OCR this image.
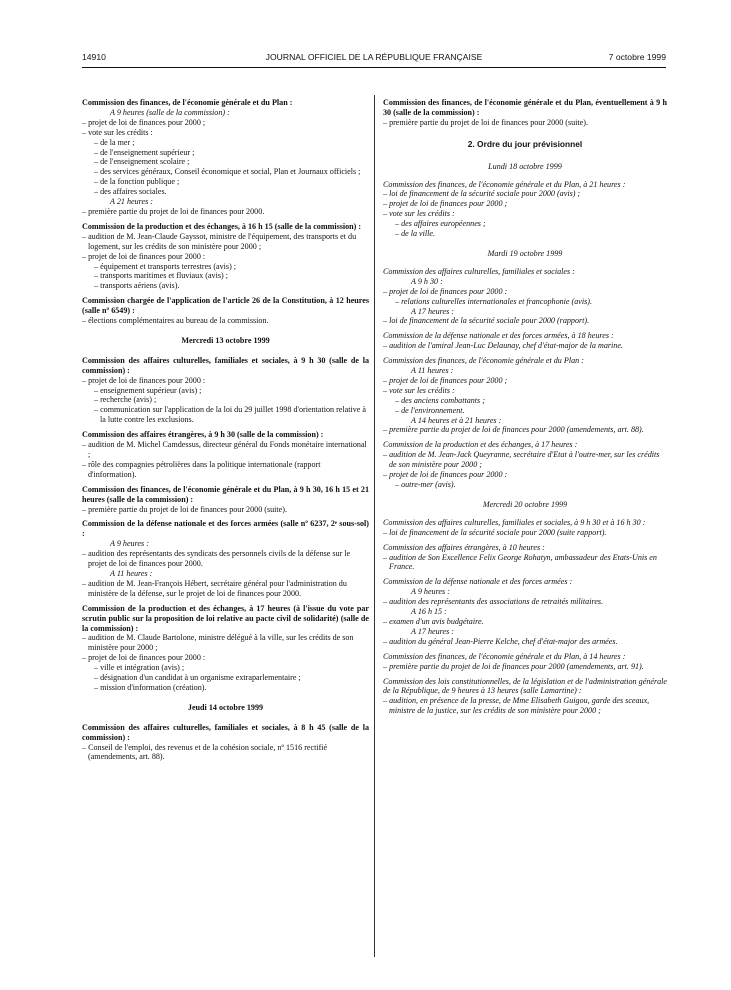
14910	JOURNAL OFFICIEL DE LA RÉPUBLIQUE FRANÇAISE	7 octobre 1999
Commission des finances, de l'économie générale et du Plan :
A 9 heures (salle de la commission) :
– projet de loi de finances pour 2000 ;
– vote sur les crédits :
– de la mer ;
– de l'enseignement supérieur ;
– de l'enseignement scolaire ;
– des services généraux, Conseil économique et social, Plan et Journaux officiels ;
– de la fonction publique ;
– des affaires sociales.
A 21 heures :
– première partie du projet de loi de finances pour 2000.
Commission de la production et des échanges, à 16 h 15 (salle de la commission) :
– audition de M. Jean-Claude Gayssot, ministre de l'équipement, des transports et du logement, sur les crédits de son ministère pour 2000 ;
– projet de loi de finances pour 2000 :
– équipement et transports terrestres (avis) ;
– transports maritimes et fluviaux (avis) ;
– transports aériens (avis).
Commission chargée de l'application de l'article 26 de la Constitution, à 12 heures (salle nº 6549) :
– élections complémentaires au bureau de la commission.
Mercredi 13 octobre 1999
Commission des affaires culturelles, familiales et sociales, à 9 h 30 (salle de la commission) :
– projet de loi de finances pour 2000 :
– enseignement supérieur (avis) ;
– recherche (avis) ;
– communication sur l'application de la loi du 29 juillet 1998 d'orientation relative à la lutte contre les exclusions.
Commission des affaires étrangères, à 9 h 30 (salle de la commission) :
– audition de M. Michel Camdessus, directeur général du Fonds monétaire international ;
– rôle des compagnies pétrolières dans la politique internationale (rapport d'information).
Commission des finances, de l'économie générale et du Plan, à 9 h 30, 16 h 15 et 21 heures (salle de la commission) :
– première partie du projet de loi de finances pour 2000 (suite).
Commission de la défense nationale et des forces armées (salle nº 6237, 2ᵉ sous-sol) :
A 9 heures :
– audition des représentants des syndicats des personnels civils de la défense sur le projet de loi de finances pour 2000.
A 11 heures :
– audition de M. Jean-François Hébert, secrétaire général pour l'administration du ministère de la défense, sur le projet de loi de finances pour 2000.
Commission de la production et des échanges, à 17 heures (à l'issue du vote par scrutin public sur la proposition de loi relative au pacte civil de solidarité) (salle de la commission) :
– audition de M. Claude Bartolone, ministre délégué à la ville, sur les crédits de son ministère pour 2000 ;
– projet de loi de finances pour 2000 :
– ville et intégration (avis) ;
– désignation d'un candidat à un organisme extraparlementaire ;
– mission d'information (création).
Jeudi 14 octobre 1999
Commission des affaires culturelles, familiales et sociales, à 8 h 45 (salle de la commission) :
– Conseil de l'emploi, des revenus et de la cohésion sociale, nº 1516 rectifié (amendements, art. 88).
Commission des finances, de l'économie générale et du Plan, éventuellement à 9 h 30 (salle de la commission) :
– première partie du projet de loi de finances pour 2000 (suite).
2. Ordre du jour prévisionnel
Lundi 18 octobre 1999
Commission des finances, de l'économie générale et du Plan, à 21 heures :
– loi de financement de la sécurité sociale pour 2000 (avis) ;
– projet de loi de finances pour 2000 ;
– vote sur les crédits :
– des affaires européennes ;
– de la ville.
Mardi 19 octobre 1999
Commission des affaires culturelles, familiales et sociales :
A 9 h 30 :
– projet de loi de finances pour 2000 :
– relations culturelles internationales et francophonie (avis).
A 17 heures :
– loi de financement de la sécurité sociale pour 2000 (rapport).
Commission de la défense nationale et des forces armées, à 18 heures :
– audition de l'amiral Jean-Luc Delaunay, chef d'état-major de la marine.
Commission des finances, de l'économie générale et du Plan :
A 11 heures :
– projet de loi de finances pour 2000 ;
– vote sur les crédits :
– des anciens combattants ;
– de l'environnement.
A 14 heures et à 21 heures :
– première partie du projet de loi de finances pour 2000 (amendements, art. 88).
Commission de la production et des échanges, à 17 heures :
– audition de M. Jean-Jack Queyranne, secrétaire d'Etat à l'outre-mer, sur les crédits de son ministère pour 2000 ;
– projet de loi de finances pour 2000 :
– outre-mer (avis).
Mercredi 20 octobre 1999
Commission des affaires culturelles, familiales et sociales, à 9 h 30 et à 16 h 30 :
– loi de financement de la sécurité sociale pour 2000 (suite rapport).
Commission des affaires étrangères, à 10 heures :
– audition de Son Excellence Felix George Rohatyn, ambassadeur des Etats-Unis en France.
Commission de la défense nationale et des forces armées :
A 9 heures :
– audition des représentants des associations de retraités militaires.
A 16 h 15 :
– examen d'un avis budgétaire.
A 17 heures :
– audition du général Jean-Pierre Kelche, chef d'état-major des armées.
Commission des finances, de l'économie générale et du Plan, à 14 heures :
– première partie du projet de loi de finances pour 2000 (amendements, art. 91).
Commission des lois constitutionnelles, de la législation et de l'administration générale de la République, de 9 heures à 13 heures (salle Lamartine) :
– audition, en présence de la presse, de Mme Elisabeth Guigou, garde des sceaux, ministre de la justice, sur les crédits de son ministère pour 2000 ;
